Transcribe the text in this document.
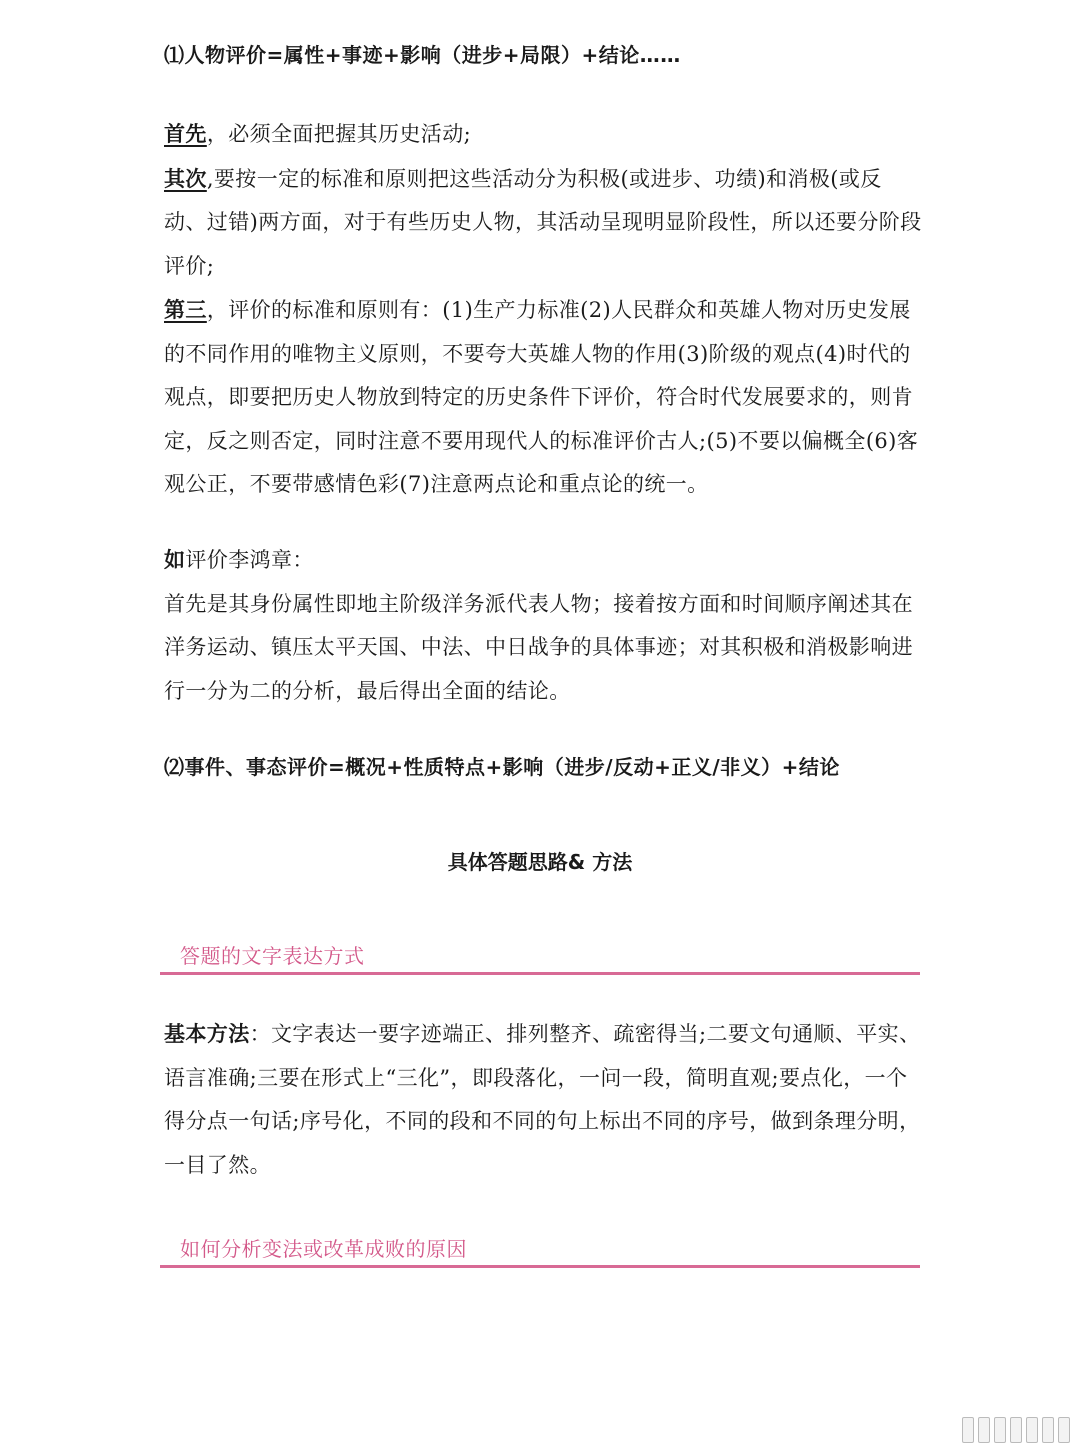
⑴人物评价=属性+事迹+影响（进步+局限）+结论……
首先，必须全面把握其历史活动;
其次,要按一定的标准和原则把这些活动分为积极(或进步、功绩)和消极(或反动、过错)两方面，对于有些历史人物，其活动呈现明显阶段性，所以还要分阶段评价;
第三，评价的标准和原则有：(1)生产力标准(2)人民群众和英雄人物对历史发展的不同作用的唯物主义原则，不要夸大英雄人物的作用(3)阶级的观点(4)时代的观点，即要把历史人物放到特定的历史条件下评价，符合时代发展要求的，则肯定，反之则否定，同时注意不要用现代人的标准评价古人;(5)不要以偏概全(6)客观公正，不要带感情色彩(7)注意两点论和重点论的统一。
如评价李鸿章：
首先是其身份属性即地主阶级洋务派代表人物；接着按方面和时间顺序阐述其在洋务运动、镇压太平天国、中法、中日战争的具体事迹；对其积极和消极影响进行一分为二的分析，最后得出全面的结论。
⑵事件、事态评价=概况+性质特点+影响（进步/反动+正义/非义）+结论
具体答题思路& 方法
答题的文字表达方式
基本方法：文字表达一要字迹端正、排列整齐、疏密得当;二要文句通顺、平实、语言准确;三要在形式上“三化”，即段落化，一问一段，简明直观;要点化，一个得分点一句话;序号化，不同的段和不同的句上标出不同的序号，做到条理分明，一目了然。
如何分析变法或改革成败的原因
